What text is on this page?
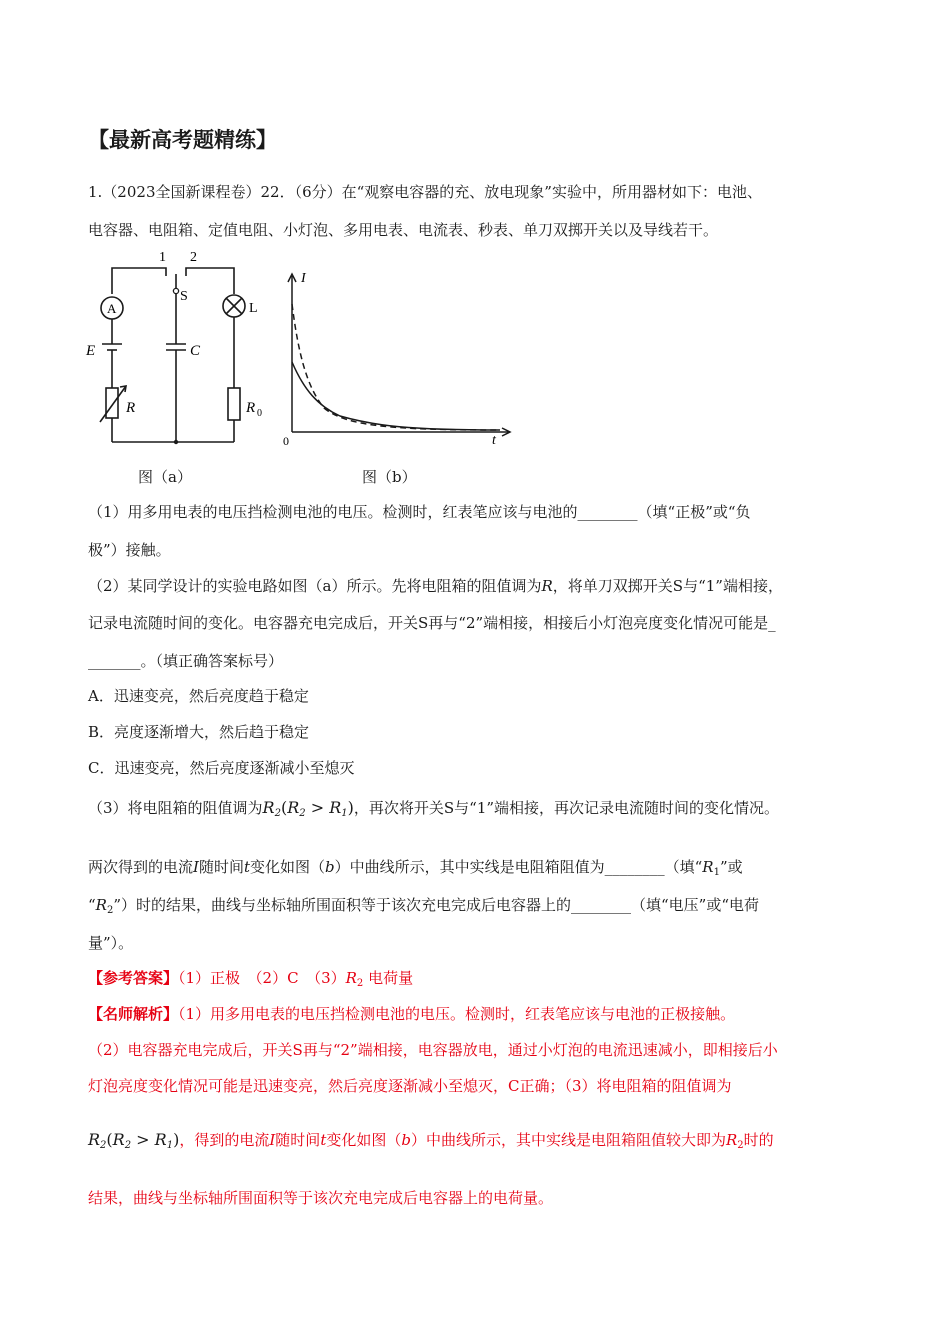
【最新高考题精练】
1.（2023全国新课程卷）22．（6分）在“观察电容器的充、放电现象”实验中，所用器材如下：电池、
电容器、电阻箱、定值电阻、小灯泡、多用电表、电流表、秒表、单刀双掷开关以及导线若干。
1 2
A
S
L
E	C
R	R 0
I
t
0
图（a）	图（b）
（1）用多用电表的电压挡检测电池的电压。检测时，红表笔应该与电池的________（填“正极”或“负
极”）接触。
（2）某同学设计的实验电路如图（a）所示。先将电阻箱的阻值调为R，将单刀双掷开关S与“1”端相接，
记录电流随时间的变化。电容器充电完成后，开关S再与“2”端相接，相接后小灯泡亮度变化情况可能是_
_______。（填正确答案标号）
A．迅速变亮，然后亮度趋于稳定
B．亮度逐渐增大，然后趋于稳定
C．迅速变亮，然后亮度逐渐减小至熄灭
（3）将电阻箱的阻值调为$R_2(R_2 > R_1)$，再次将开关S与“1”端相接，再次记录电流随时间的变化情况。
两次得到的电流I随时间t变化如图（b）中曲线所示，其中实线是电阻箱阻值为________（填“$R_1$”或
“$R_2$”）时的结果，曲线与坐标轴所围面积等于该次充电完成后电容器上的________（填“电压”或“电荷
量”）。
【参考答案】（1）正极　（2）C　$(3)R_2$ 电荷量
【名师解析】（1）用多用电表的电压挡检测电池的电压。检测时，红表笔应该与电池的正极接触。
（2）电容器充电完成后，开关S再与“2”端相接，电容器放电，通过小灯泡的电流迅速减小，即相接后小
灯泡亮度变化情况可能是迅速变亮，然后亮度逐渐减小至熄灭，C正确；（3）将电阻箱的阻值调为
$R_2(R_2 > R_1)$，得到的电流I随时间t变化如图（b）中曲线所示，其中实线是电阻箱阻值较大即为$R_2$时的
结果，曲线与坐标轴所围面积等于该次充电完成后电容器上的电荷量。
